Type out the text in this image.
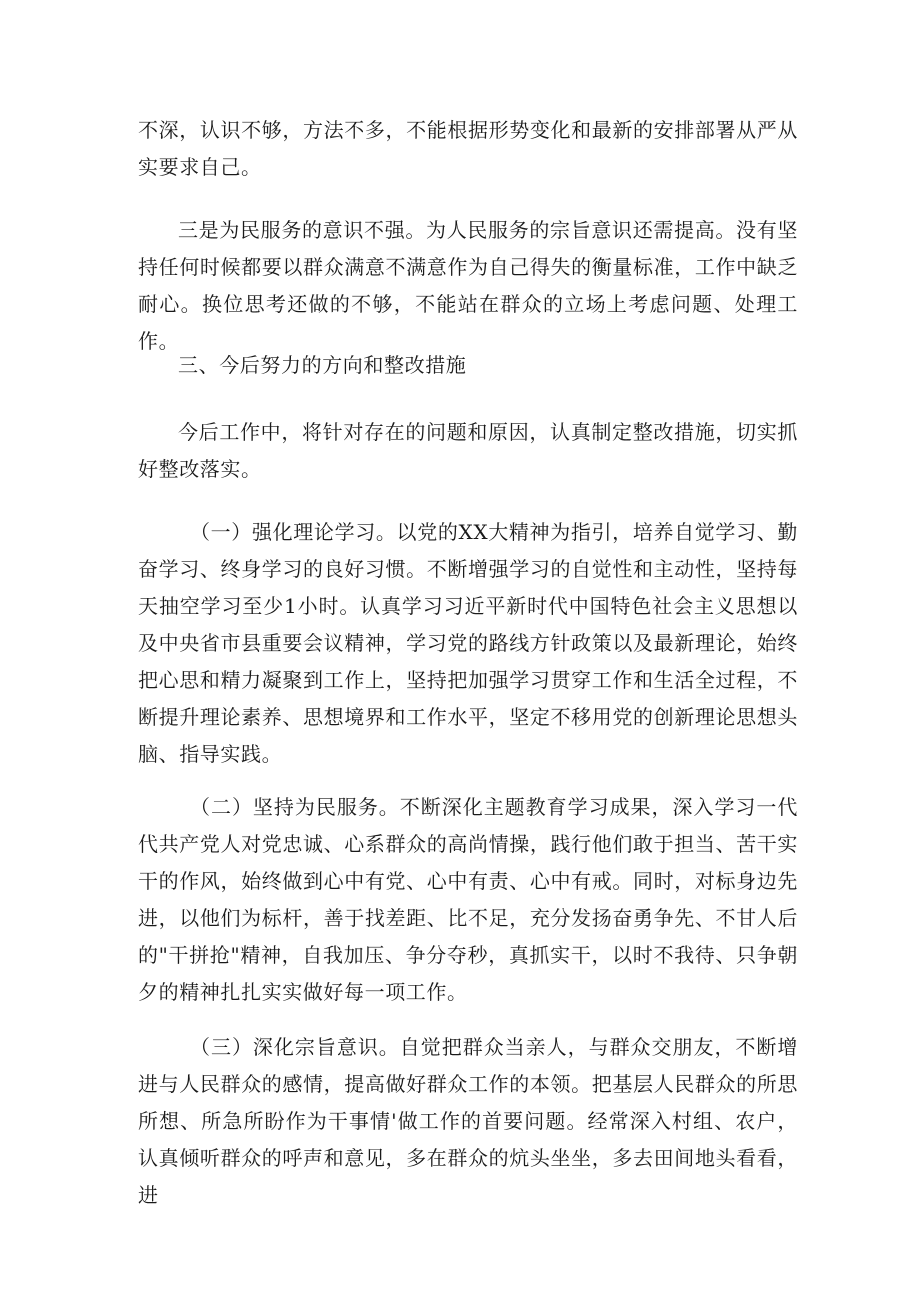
不深，认识不够，方法不多，不能根据形势变化和最新的安排部署从严从实要求自己。

三是为民服务的意识不强。为人民服务的宗旨意识还需提高。没有坚持任何时候都要以群众满意不满意作为自己得失的衡量标准，工作中缺乏耐心。换位思考还做的不够，不能站在群众的立场上考虑问题、处理工作。

三、今后努力的方向和整改措施

今后工作中，将针对存在的问题和原因，认真制定整改措施，切实抓好整改落实。

（一）强化理论学习。以党的XX大精神为指引，培养自觉学习、勤奋学习、终身学习的良好习惯。不断增强学习的自觉性和主动性，坚持每天抽空学习至少1小时。认真学习习近平新时代中国特色社会主义思想以及中央省市县重要会议精神，学习党的路线方针政策以及最新理论，始终把心思和精力凝聚到工作上，坚持把加强学习贯穿工作和生活全过程，不断提升理论素养、思想境界和工作水平，坚定不移用党的创新理论思想头脑、指导实践。

（二）坚持为民服务。不断深化主题教育学习成果，深入学习一代代共产党人对党忠诚、心系群众的高尚情操，践行他们敢于担当、苦干实干的作风，始终做到心中有党、心中有责、心中有戒。同时，对标身边先进，以他们为标杆，善于找差距、比不足，充分发扬奋勇争先、不甘人后的"干拼抢"精神，自我加压、争分夺秒，真抓实干，以时不我待、只争朝夕的精神扎扎实实做好每一项工作。

（三）深化宗旨意识。自觉把群众当亲人，与群众交朋友，不断增进与人民群众的感情，提高做好群众工作的本领。把基层人民群众的所思所想、所急所盼作为干事情'做工作的首要问题。经常深入村组、农户，认真倾听群众的呼声和意见，多在群众的炕头坐坐，多去田间地头看看，进
